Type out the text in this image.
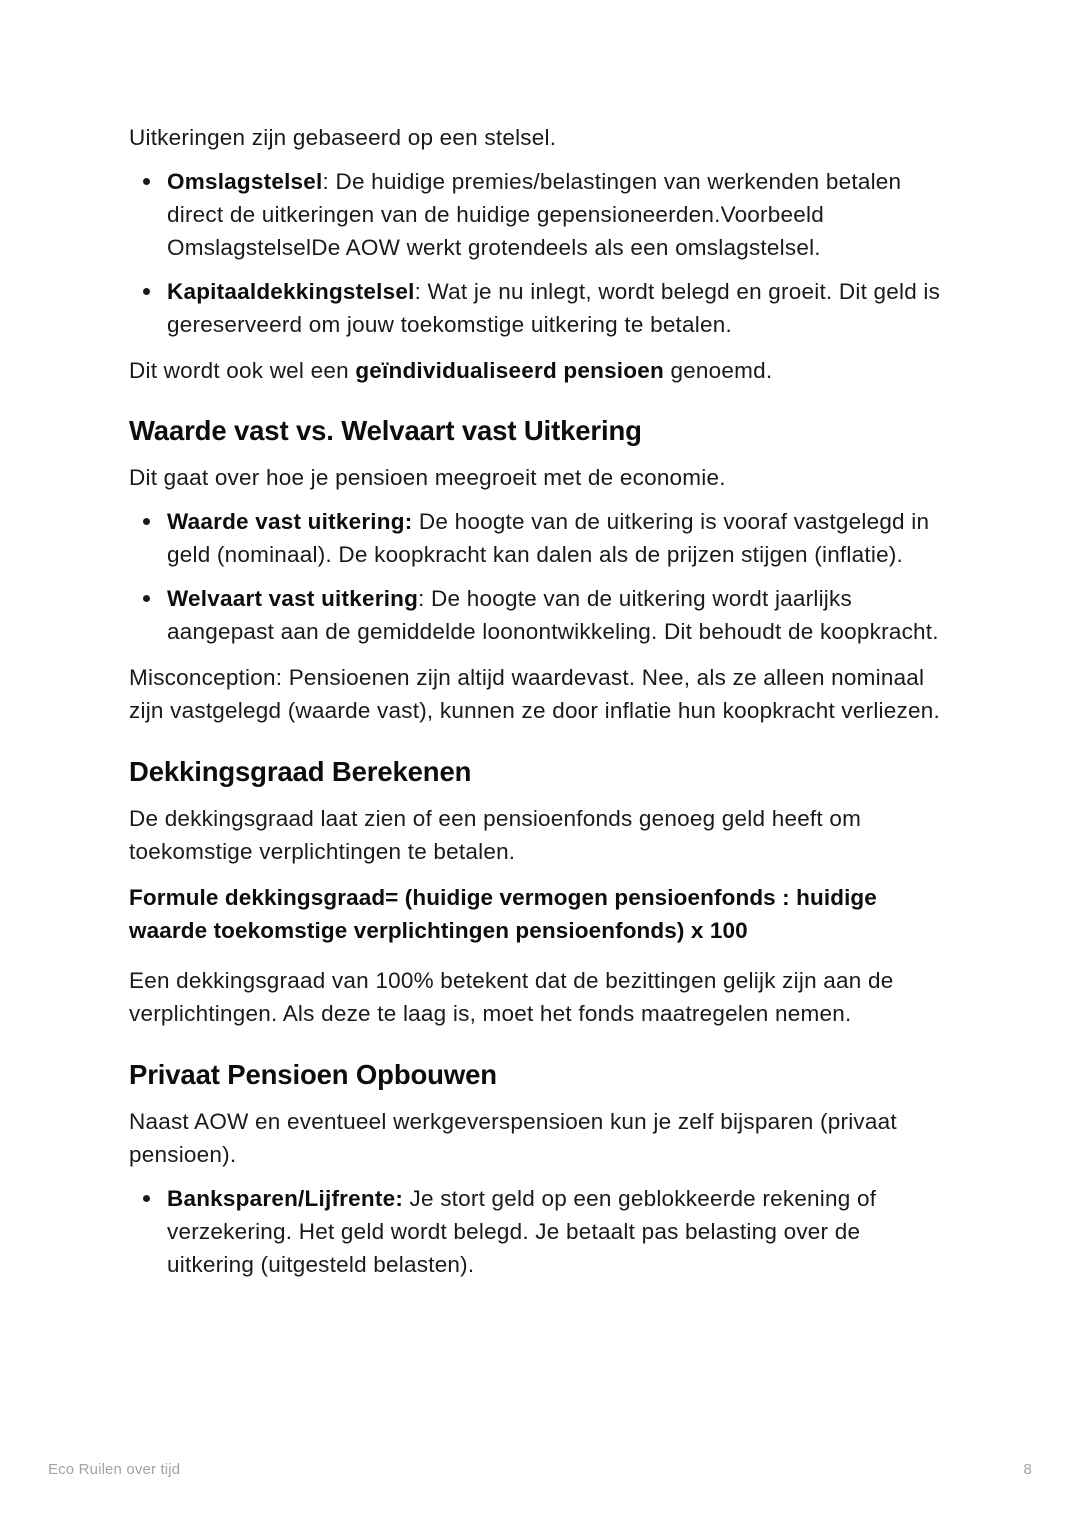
Uitkeringen zijn gebaseerd op een stelsel.

Omslagstelsel: De huidige premies/belastingen van werkenden betalen direct de uitkeringen van de huidige gepensioneerden.Voorbeeld OmslagstelselDe AOW werkt grotendeels als een omslagstelsel.
Kapitaaldekkingstelsel: Wat je nu inlegt, wordt belegd en groeit. Dit geld is gereserveerd om jouw toekomstige uitkering te betalen.

Dit wordt ook wel een geïndividualiseerd pensioen genoemd.

Waarde vast vs. Welvaart vast Uitkering

Dit gaat over hoe je pensioen meegroeit met de economie.

Waarde vast uitkering: De hoogte van de uitkering is vooraf vastgelegd in geld (nominaal). De koopkracht kan dalen als de prijzen stijgen (inflatie).
Welvaart vast uitkering: De hoogte van de uitkering wordt jaarlijks aangepast aan de gemiddelde loonontwikkeling. Dit behoudt de koopkracht.

Misconception: Pensioenen zijn altijd waardevast. Nee, als ze alleen nominaal zijn vastgelegd (waarde vast), kunnen ze door inflatie hun koopkracht verliezen.

Dekkingsgraad Berekenen

De dekkingsgraad laat zien of een pensioenfonds genoeg geld heeft om toekomstige verplichtingen te betalen.

Formule dekkingsgraad= (huidige vermogen pensioenfonds : huidige waarde toekomstige verplichtingen pensioenfonds) x 100

Een dekkingsgraad van 100% betekent dat de bezittingen gelijk zijn aan de verplichtingen. Als deze te laag is, moet het fonds maatregelen nemen.

Privaat Pensioen Opbouwen

Naast AOW en eventueel werkgeverspensioen kun je zelf bijsparen (privaat pensioen).

Banksparen/Lijfrente: Je stort geld op een geblokkeerde rekening of verzekering. Het geld wordt belegd. Je betaalt pas belasting over de uitkering (uitgesteld belasten).
Eco Ruilen over tijd	8
